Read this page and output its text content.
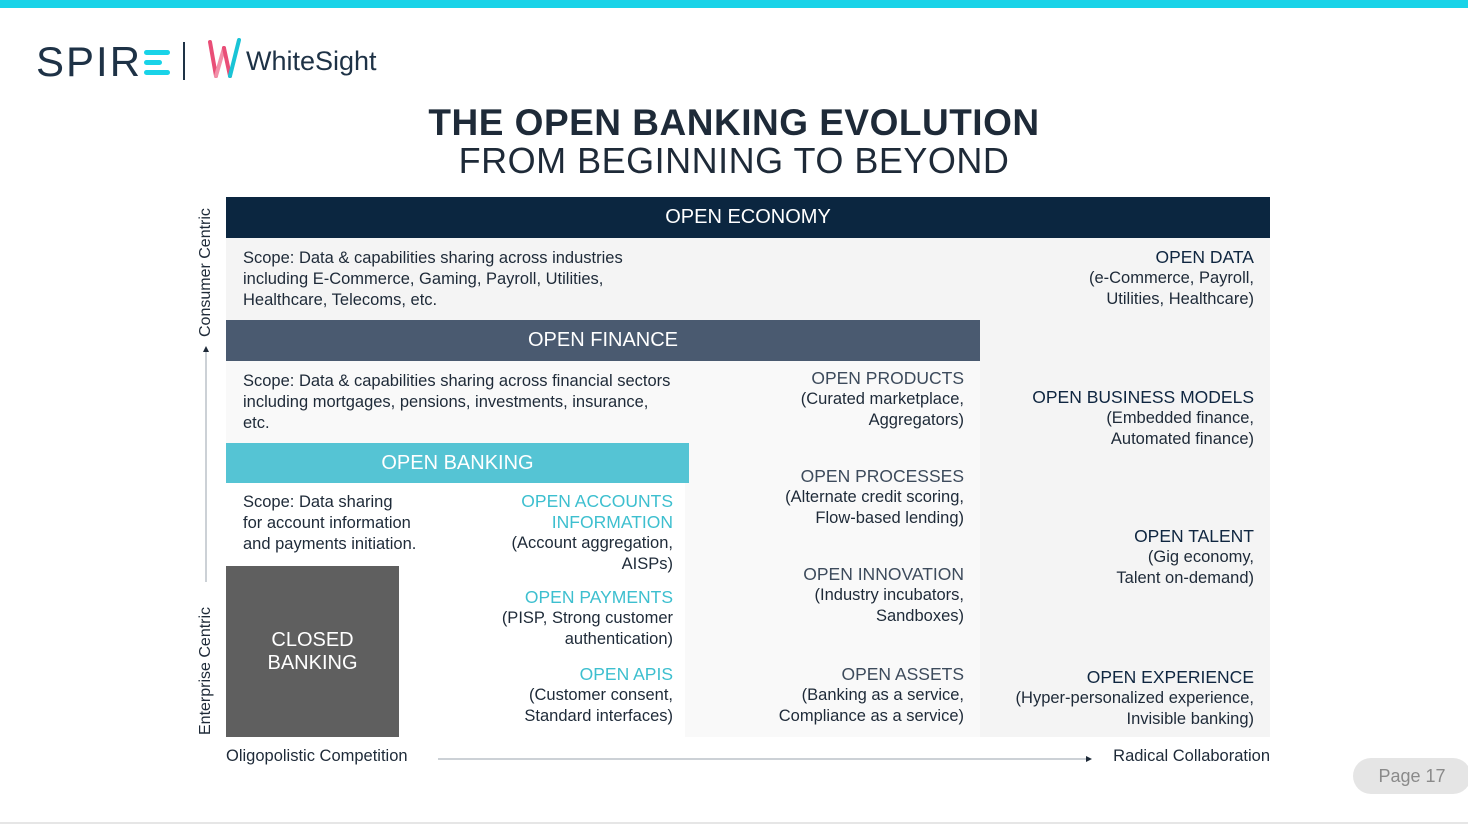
SPIR	WhiteSight
THE OPEN BANKING EVOLUTION
FROM BEGINNING TO BEYOND
Consumer Centric
Enterprise Centric
OPEN ECONOMY
Scope: Data & capabilities sharing across industries
including E-Commerce, Gaming, Payroll, Utilities,
Healthcare, Telecoms, etc.
OPEN DATA
(e-Commerce, Payroll,
Utilities, Healthcare)
OPEN BUSINESS MODELS
(Embedded finance,
Automated finance)
OPEN TALENT
(Gig economy,
Talent on-demand)
OPEN EXPERIENCE
(Hyper-personalized experience,
Invisible banking)
OPEN FINANCE
Scope: Data & capabilities sharing across financial sectors
including mortgages, pensions, investments, insurance,
etc.
OPEN PRODUCTS
(Curated marketplace,
Aggregators)
OPEN PROCESSES
(Alternate credit scoring,
Flow-based lending)
OPEN INNOVATION
(Industry incubators,
Sandboxes)
OPEN ASSETS
(Banking as a service,
Compliance as a service)
OPEN BANKING
Scope: Data sharing
for account information
and payments initiation.
OPEN ACCOUNTS
INFORMATION
(Account aggregation,
AISPs)
OPEN PAYMENTS
(PISP, Strong customer
authentication)
OPEN APIS
(Customer consent,
Standard interfaces)
CLOSED
BANKING
Oligopolistic Competition	Radical Collaboration
Page 17
